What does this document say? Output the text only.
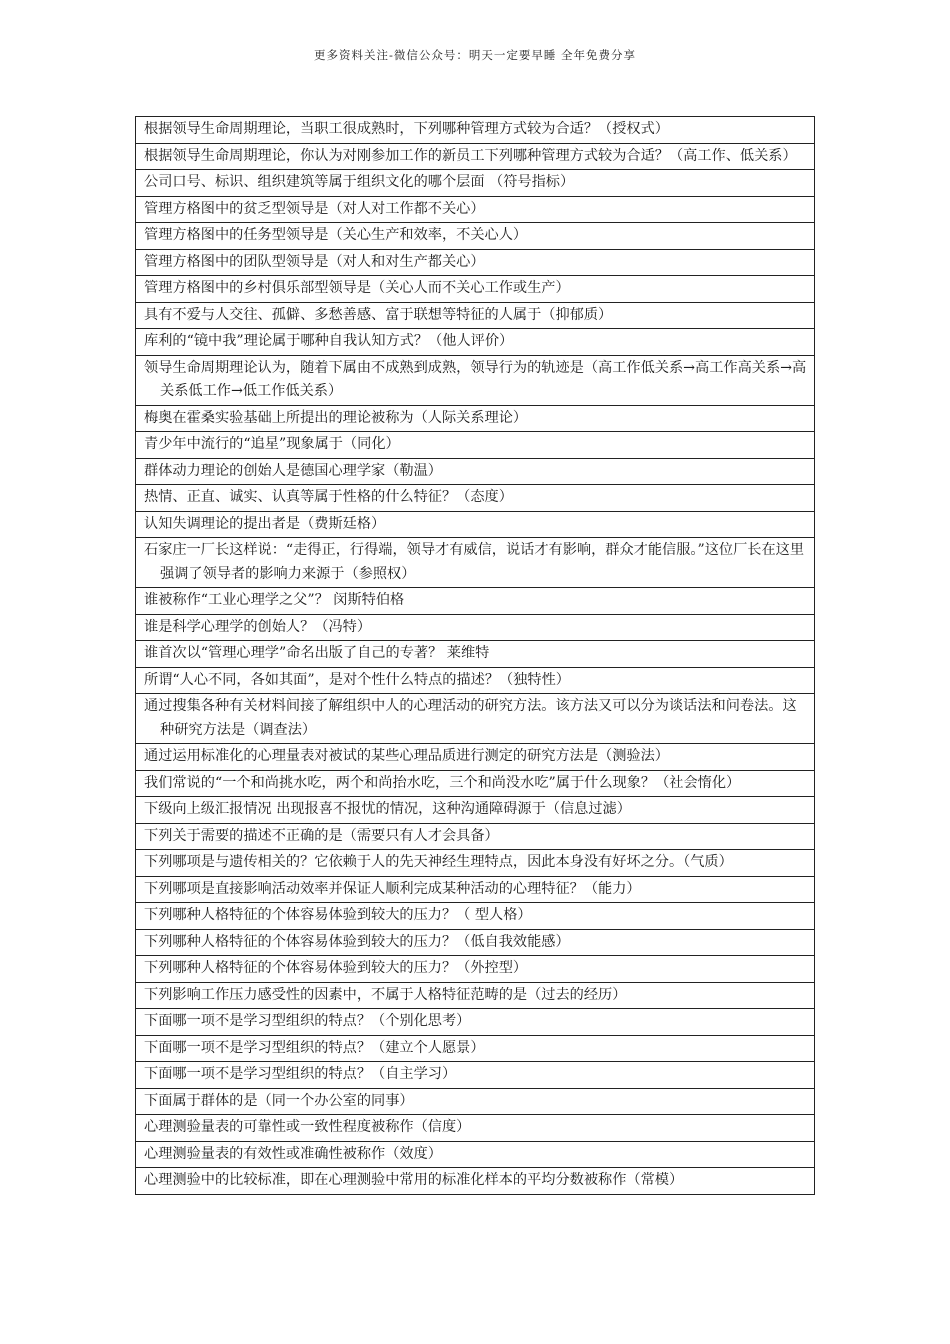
更多资料关注-微信公众号：明天一定要早睡 全年免费分享
根据领导生命周期理论，当职工很成熟时，下列哪种管理方式较为合适？（授权式）
根据领导生命周期理论，你认为对刚参加工作的新员工下列哪种管理方式较为合适？（高工作、低关系）
公司口号、标识、组织建筑等属于组织文化的哪个层面 （符号指标）
管理方格图中的贫乏型领导是（对人对工作都不关心）
管理方格图中的任务型领导是（关心生产和效率，不关心人）
管理方格图中的团队型领导是（对人和对生产都关心）
管理方格图中的乡村俱乐部型领导是（关心人而不关心工作或生产）
具有不爱与人交往、孤僻、多愁善感、富于联想等特征的人属于（抑郁质）
库利的“镜中我”理论属于哪种自我认知方式？（他人评价）
领导生命周期理论认为，随着下属由不成熟到成熟，领导行为的轨迹是（高工作低关系→高工作高关系→高关系低工作→低工作低关系）
梅奥在霍桑实验基础上所提出的理论被称为（人际关系理论）
青少年中流行的“追星”现象属于（同化）
群体动力理论的创始人是德国心理学家（勒温）
热情、正直、诚实、认真等属于性格的什么特征？（态度）
认知失调理论的提出者是（费斯廷格）
石家庄一厂长这样说：“走得正，行得端，领导才有威信，说话才有影响，群众才能信服。”这位厂长在这里强调了领导者的影响力来源于（参照权）
谁被称作“工业心理学之父”？ 闵斯特伯格
谁是科学心理学的创始人？（冯特）
谁首次以“管理心理学”命名出版了自己的专著？ 莱维特
所谓“人心不同，各如其面”，是对个性什么特点的描述？（独特性）
通过搜集各种有关材料间接了解组织中人的心理活动的研究方法。该方法又可以分为谈话法和问卷法。这种研究方法是（调查法）
通过运用标准化的心理量表对被试的某些心理品质进行测定的研究方法是（测验法）
我们常说的“一个和尚挑水吃，两个和尚抬水吃，三个和尚没水吃”属于什么现象？（社会惰化）
下级向上级汇报情况 出现报喜不报忧的情况，这种沟通障碍源于（信息过滤）
下列关于需要的描述不正确的是（需要只有人才会具备）
下列哪项是与遗传相关的？它依赖于人的先天神经生理特点，因此本身没有好坏之分。（气质）
下列哪项是直接影响活动效率并保证人顺利完成某种活动的心理特征？（能力）
下列哪种人格特征的个体容易体验到较大的压力？（ 型人格）
下列哪种人格特征的个体容易体验到较大的压力？（低自我效能感）
下列哪种人格特征的个体容易体验到较大的压力？（外控型）
下列影响工作压力感受性的因素中，不属于人格特征范畴的是（过去的经历）
下面哪一项不是学习型组织的特点？（个别化思考）
下面哪一项不是学习型组织的特点？（建立个人愿景）
下面哪一项不是学习型组织的特点？（自主学习）
下面属于群体的是（同一个办公室的同事）
心理测验量表的可靠性或一致性程度被称作（信度）
心理测验量表的有效性或准确性被称作（效度）
心理测验中的比较标准，即在心理测验中常用的标准化样本的平均分数被称作（常模）
